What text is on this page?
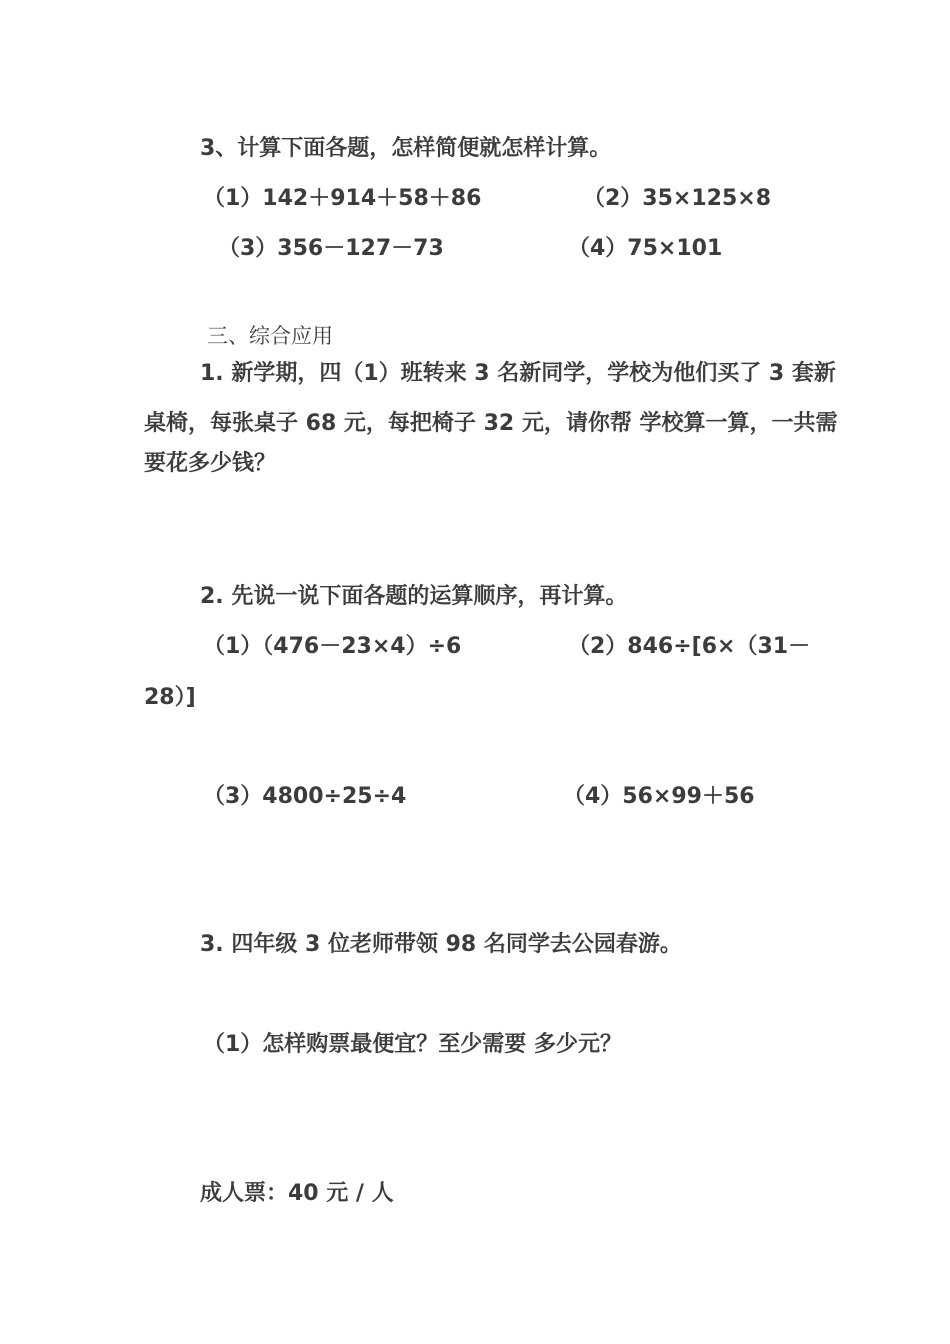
3、计算下面各题，怎样简便就怎样计算。
（1）142＋914＋58＋86	（2）35×125×8
（3）356－127－73	（4）75×101
三、综合应用
1. 新学期，四（1）班转来 3 名新同学，学校为他们买了 3 套新
桌椅，每张桌子 68 元，每把椅子 32 元，请你帮 学校算一算，一共需
要花多少钱？
2. 先说一说下面各题的运算顺序，再计算。
（1）（476－23×4）÷6	（2）846÷[6×（31－
28）]
（3）4800÷25÷4	（4）56×99＋56
3. 四年级 3 位老师带领 98 名同学去公园春游。
（1）怎样购票最便宜？至少需要 多少元？
成人票：40 元 / 人
